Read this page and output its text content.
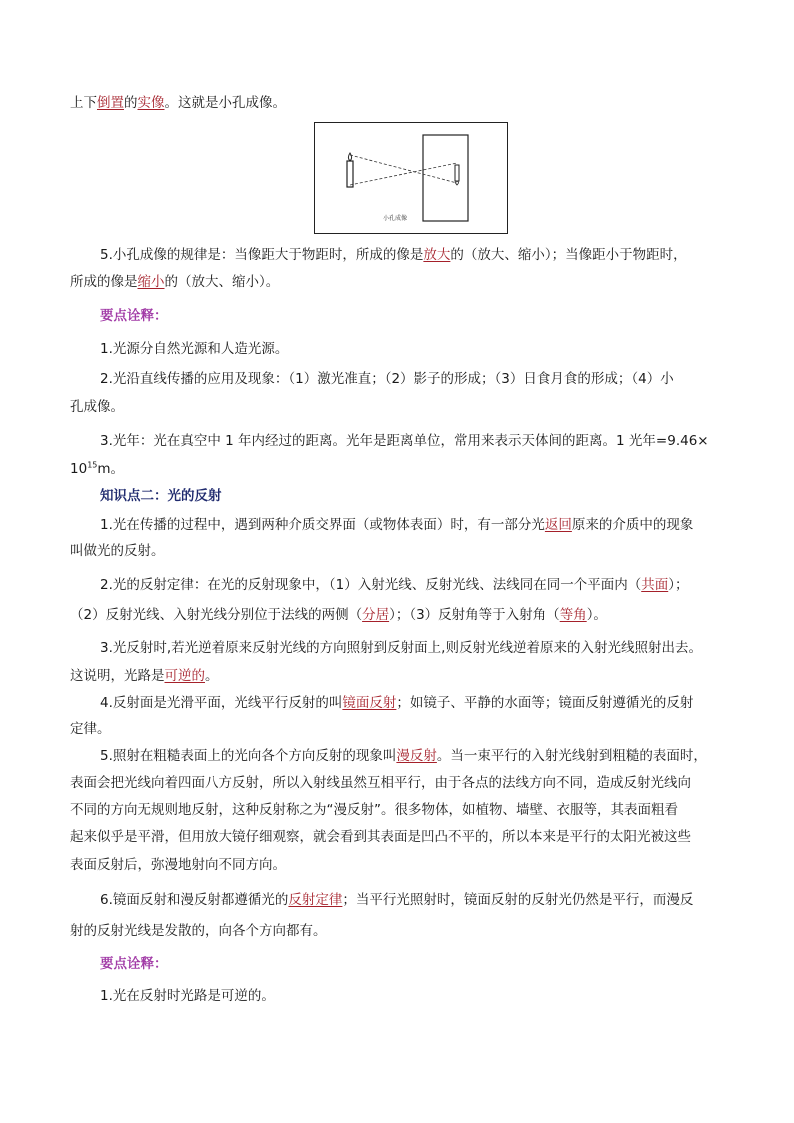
上下倒置的实像。这就是小孔成像。
小孔成像
5.小孔成像的规律是：当像距大于物距时，所成的像是放大的（放大、缩小）；当像距小于物距时，
所成的像是缩小的（放大、缩小）。
要点诠释：
1.光源分自然光源和人造光源。
2.光沿直线传播的应用及现象：（1）激光准直；（2）影子的形成；（3）日食月食的形成；（4）小
孔成像。
3.光年：光在真空中 1 年内经过的距离。光年是距离单位，常用来表示天体间的距离。1 光年=9.46×
$10^{15}m$。
知识点二：光的反射
1.光在传播的过程中，遇到两种介质交界面（或物体表面）时，有一部分光返回原来的介质中的现象
叫做光的反射。
2.光的反射定律：在光的反射现象中，（1）入射光线、反射光线、法线同在同一个平面内（共面）；
（2）反射光线、入射光线分别位于法线的两侧（分居）；（3）反射角等于入射角（等角）。
3.光反射时,若光逆着原来反射光线的方向照射到反射面上,则反射光线逆着原来的入射光线照射出去。
这说明，光路是可逆的。
4.反射面是光滑平面，光线平行反射的叫镜面反射；如镜子、平静的水面等；镜面反射遵循光的反射
定律。
5.照射在粗糙表面上的光向各个方向反射的现象叫漫反射。当一束平行的入射光线射到粗糙的表面时，
表面会把光线向着四面八方反射，所以入射线虽然互相平行，由于各点的法线方向不同，造成反射光线向
不同的方向无规则地反射，这种反射称之为“漫反射”。很多物体，如植物、墙壁、衣服等，其表面粗看
起来似乎是平滑，但用放大镜仔细观察，就会看到其表面是凹凸不平的，所以本来是平行的太阳光被这些
表面反射后，弥漫地射向不同方向。
6.镜面反射和漫反射都遵循光的反射定律；当平行光照射时，镜面反射的反射光仍然是平行，而漫反
射的反射光线是发散的，向各个方向都有。
要点诠释：
1.光在反射时光路是可逆的。
